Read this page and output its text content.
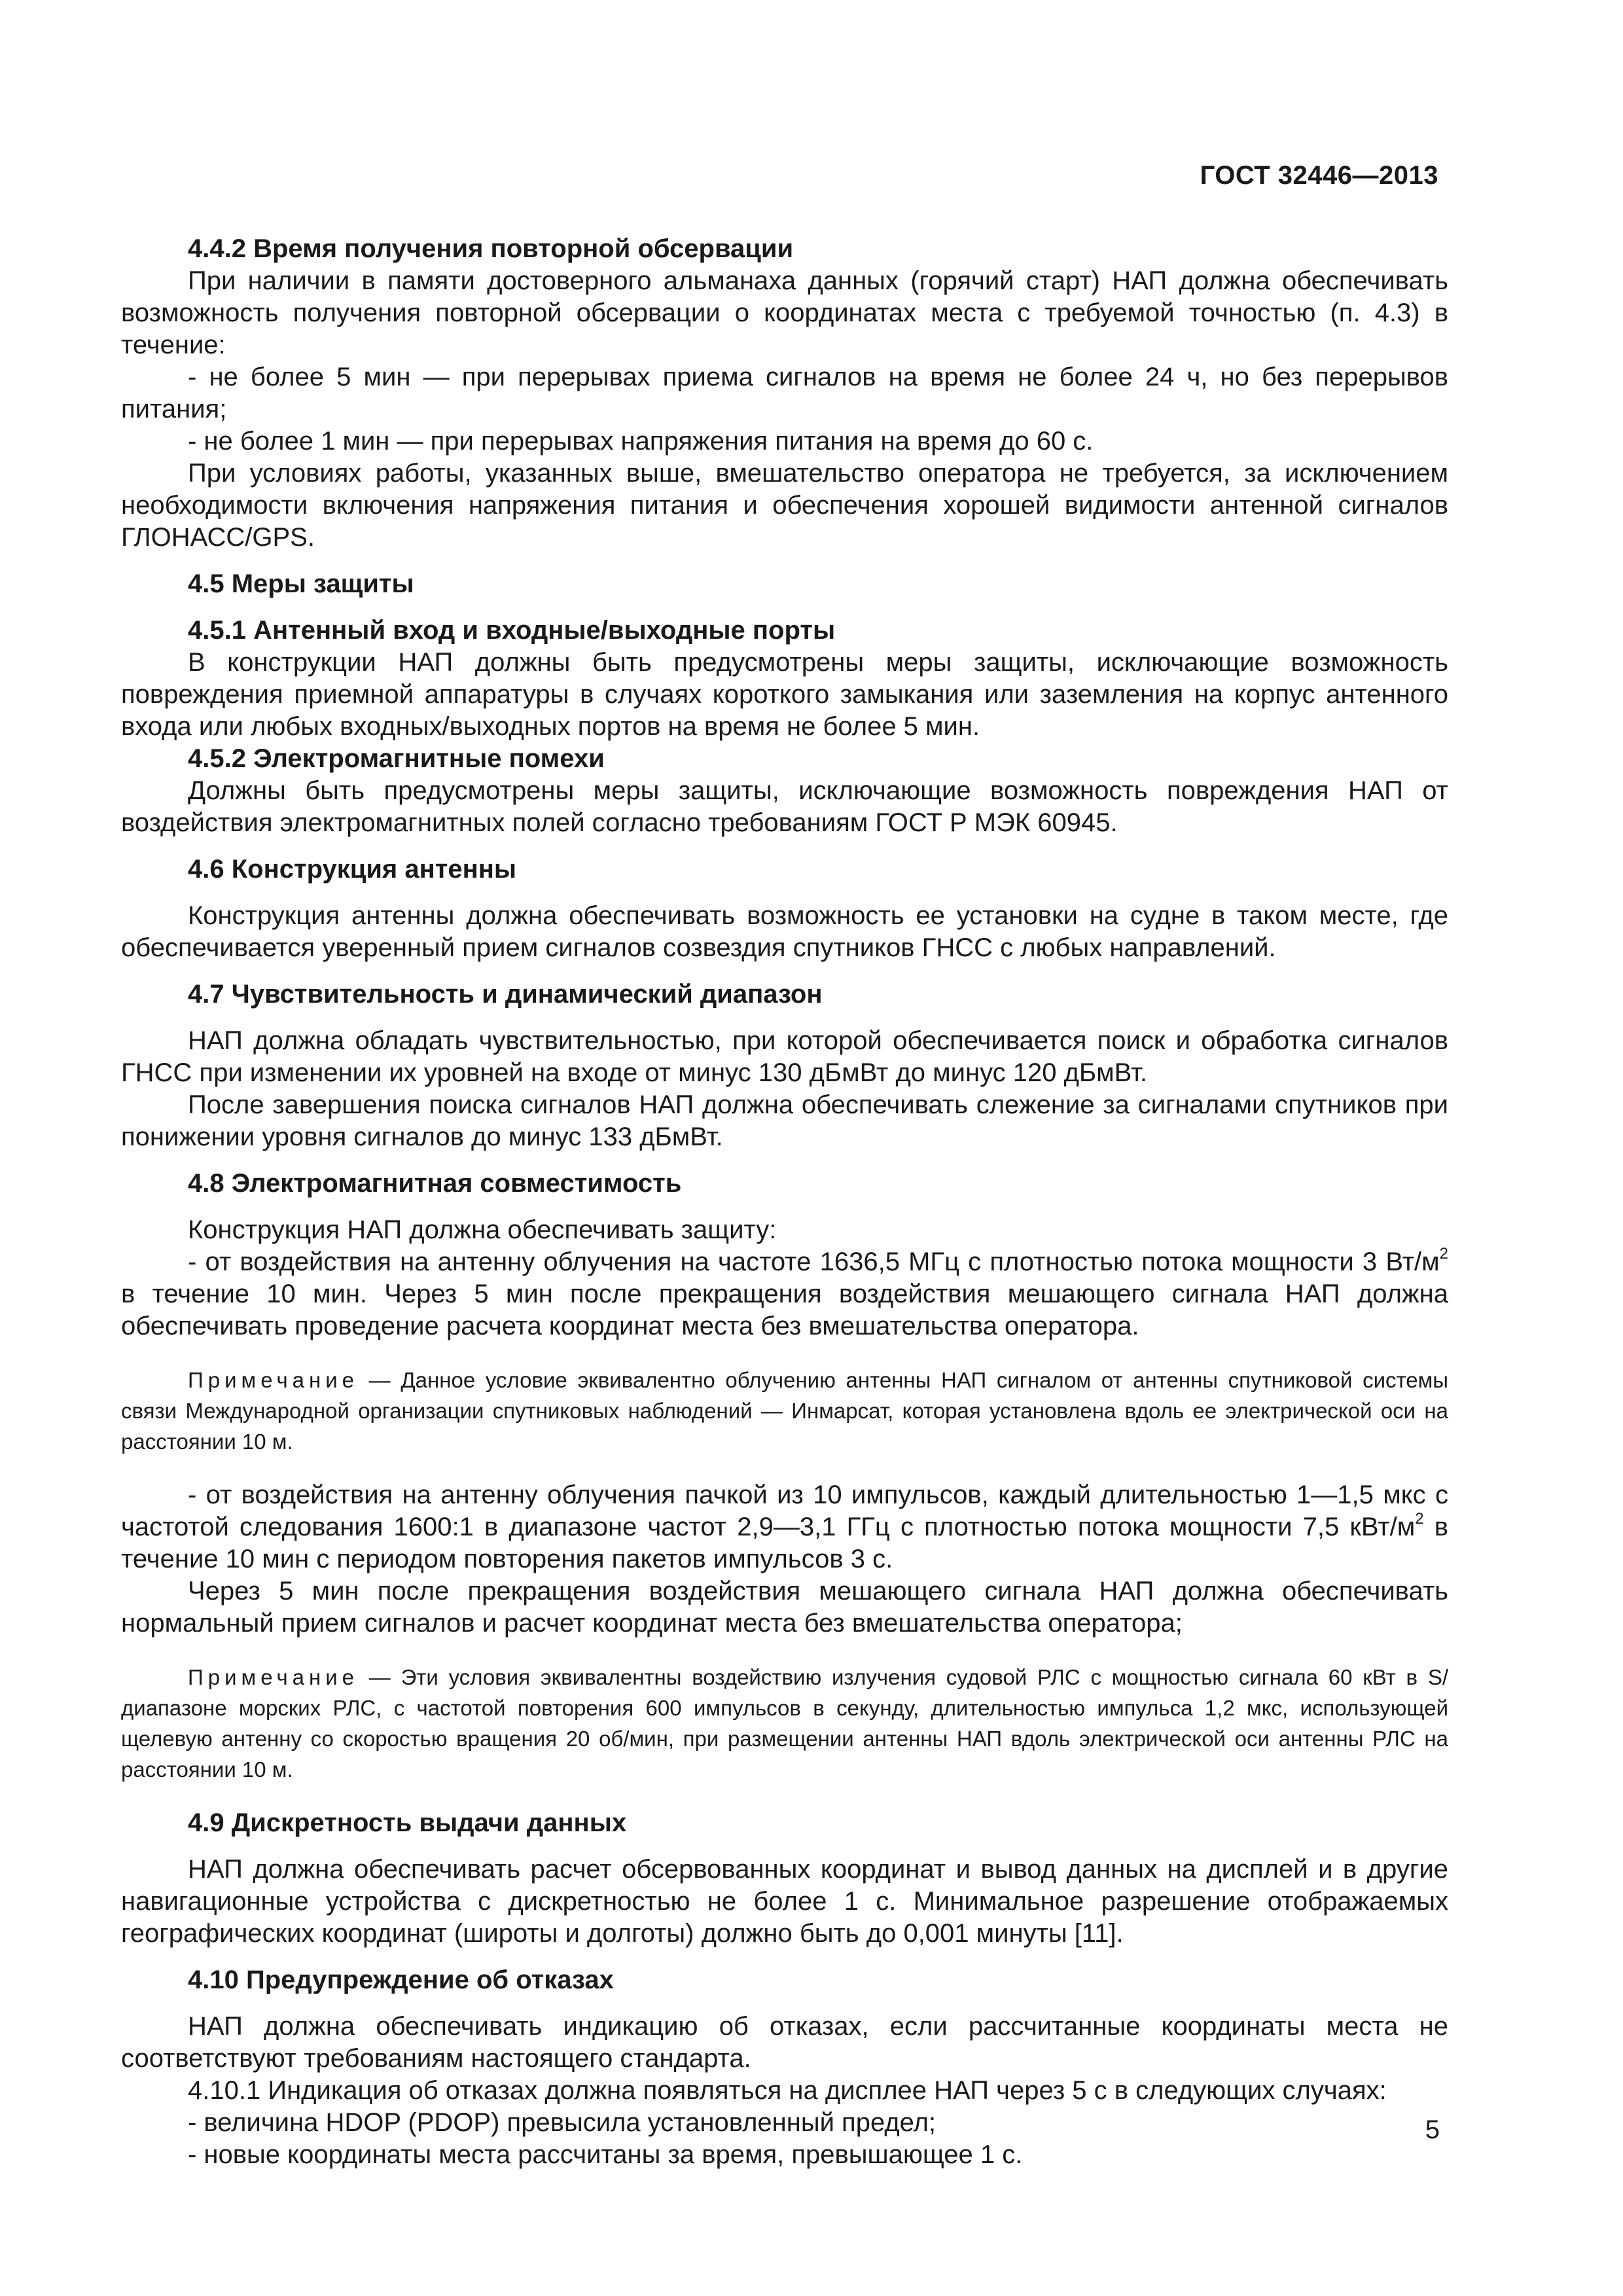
ГОСТ 32446—2013

4.4.2 Время получения повторной обсервации

При наличии в памяти достоверного альманаха данных (горячий старт) НАП должна обеспечивать возможность получения повторной обсервации о координатах места с требуемой точностью (п. 4.3) в течение:

- не более 5 мин — при перерывах приема сигналов на время не более 24 ч, но без перерывов питания;

- не более 1 мин — при перерывах напряжения питания на время до 60 с.

При условиях работы, указанных выше, вмешательство оператора не требуется, за исключением необходимости включения напряжения питания и обеспечения хорошей видимости антенной сигналов ГЛОНАСС/GPS.

4.5 Меры защиты

4.5.1 Антенный вход и входные/выходные порты

В конструкции НАП должны быть предусмотрены меры защиты, исключающие возможность повреждения приемной аппаратуры в случаях короткого замыкания или заземления на корпус антенного входа или любых входных/выходных портов на время не более 5 мин.

4.5.2 Электромагнитные помехи

Должны быть предусмотрены меры защиты, исключающие возможность повреждения НАП от воздействия электромагнитных полей согласно требованиям ГОСТ Р МЭК 60945.

4.6 Конструкция антенны

Конструкция антенны должна обеспечивать возможность ее установки на судне в таком месте, где обеспечивается уверенный прием сигналов созвездия спутников ГНСС с любых направлений.

4.7 Чувствительность и динамический диапазон

НАП должна обладать чувствительностью, при которой обеспечивается поиск и обработка сигналов ГНСС при изменении их уровней на входе от минус 130 дБмВт до минус 120 дБмВт.

После завершения поиска сигналов НАП должна обеспечивать слежение за сигналами спутников при понижении уровня сигналов до минус 133 дБмВт.

4.8 Электромагнитная совместимость

Конструкция НАП должна обеспечивать защиту:

- от воздействия на антенну облучения на частоте 1636,5 МГц с плотностью потока мощности 3 $Вт/м^2$ в течение 10 мин. Через 5 мин после прекращения воздействия мешающего сигнала НАП должна обеспечивать проведение расчета координат места без вмешательства оператора.

Примечание — Данное условие эквивалентно облучению антенны НАП сигналом от антенны спутниковой системы связи Международной организации спутниковых наблюдений — Инмарсат, которая установлена вдоль ее электрической оси на расстоянии 10 м.

- от воздействия на антенну облучения пачкой из 10 импульсов, каждый длительностью 1—1,5 мкс с частотой следования 1600:1 в диапазоне частот 2,9—3,1 ГГц с плотностью потока мощности 7,5 кВт/$м^2$ в течение 10 мин с периодом повторения пакетов импульсов 3 с.

Через 5 мин после прекращения воздействия мешающего сигнала НАП должна обеспечивать нормальный прием сигналов и расчет координат места без вмешательства оператора;

Примечание — Эти условия эквивалентны воздействию излучения судовой РЛС с мощностью сигнала 60 кВт в S/диапазоне морских РЛС, с частотой повторения 600 импульсов в секунду, длительностью импульса 1,2 мкс, использующей щелевую антенну со скоростью вращения 20 об/мин, при размещении антенны НАП вдоль электрической оси антенны РЛС на расстоянии 10 м.

4.9 Дискретность выдачи данных

НАП должна обеспечивать расчет обсервованных координат и вывод данных на дисплей и в другие навигационные устройства с дискретностью не более 1 с. Минимальное разрешение отображаемых географических координат (широты и долготы) должно быть до 0,001 минуты [11].

4.10 Предупреждение об отказах

НАП должна обеспечивать индикацию об отказах, если рассчитанные координаты места не соответствуют требованиям настоящего стандарта.

4.10.1 Индикация об отказах должна появляться на дисплее НАП через 5 с в следующих случаях:

- величина HDOP (PDOP) превысила установленный предел;

- новые координаты места рассчитаны за время, превышающее 1 с.

5
